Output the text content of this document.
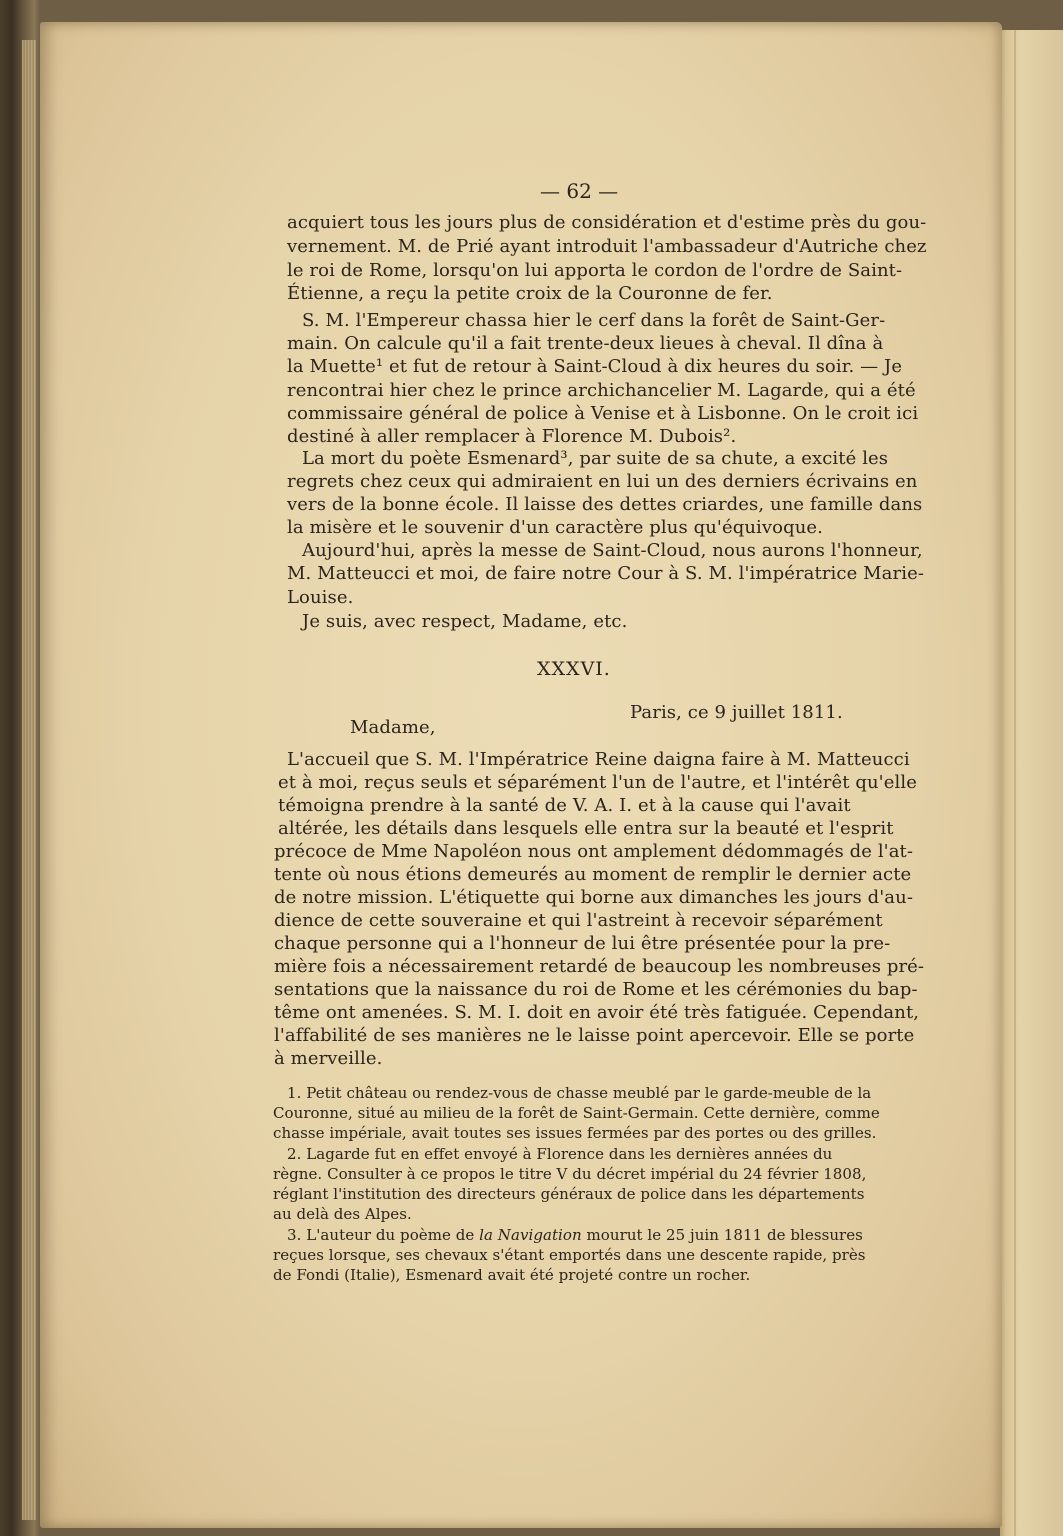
— 62 —
acquiert tous les jours plus de considération et d'estime près du gou-
vernement. M. de Prié ayant introduit l'ambassadeur d'Autriche chez
le roi de Rome, lorsqu'on lui apporta le cordon de l'ordre de Saint-
Étienne, a reçu la petite croix de la Couronne de fer.
S. M. l'Empereur chassa hier le cerf dans la forêt de Saint-Ger-
main. On calcule qu'il a fait trente-deux lieues à cheval. Il dîna à
la Muette¹ et fut de retour à Saint-Cloud à dix heures du soir. — Je
rencontrai hier chez le prince archichancelier M. Lagarde, qui a été
commissaire général de police à Venise et à Lisbonne. On le croit ici
destiné à aller remplacer à Florence M. Dubois².
La mort du poète Esmenard³, par suite de sa chute, a excité les
regrets chez ceux qui admiraient en lui un des derniers écrivains en
vers de la bonne école. Il laisse des dettes criardes, une famille dans
la misère et le souvenir d'un caractère plus qu'équivoque.
Aujourd'hui, après la messe de Saint-Cloud, nous aurons l'honneur,
M. Matteucci et moi, de faire notre Cour à S. M. l'impératrice Marie-
Louise.
Je suis, avec respect, Madame, etc.
XXXVI.
Paris, ce 9 juillet 1811.
Madame,
L'accueil que S. M. l'Impératrice Reine daigna faire à M. Matteucci
et à moi, reçus seuls et séparément l'un de l'autre, et l'intérêt qu'elle
témoigna prendre à la santé de V. A. I. et à la cause qui l'avait
altérée, les détails dans lesquels elle entra sur la beauté et l'esprit
précoce de Mme Napoléon nous ont amplement dédommagés de l'at-
tente où nous étions demeurés au moment de remplir le dernier acte
de notre mission. L'étiquette qui borne aux dimanches les jours d'au-
dience de cette souveraine et qui l'astreint à recevoir séparément
chaque personne qui a l'honneur de lui être présentée pour la pre-
mière fois a nécessairement retardé de beaucoup les nombreuses pré-
sentations que la naissance du roi de Rome et les cérémonies du bap-
tême ont amenées. S. M. I. doit en avoir été très fatiguée. Cependant,
l'affabilité de ses manières ne le laisse point apercevoir. Elle se porte
à merveille.
1. Petit château ou rendez-vous de chasse meublé par le garde-meuble de la
Couronne, situé au milieu de la forêt de Saint-Germain. Cette dernière, comme
chasse impériale, avait toutes ses issues fermées par des portes ou des grilles.
2. Lagarde fut en effet envoyé à Florence dans les dernières années du
règne. Consulter à ce propos le titre V du décret impérial du 24 février 1808,
réglant l'institution des directeurs généraux de police dans les départements
au delà des Alpes.
3. L'auteur du poème de la Navigation mourut le 25 juin 1811 de blessures
reçues lorsque, ses chevaux s'étant emportés dans une descente rapide, près
de Fondi (Italie), Esmenard avait été projeté contre un rocher.
